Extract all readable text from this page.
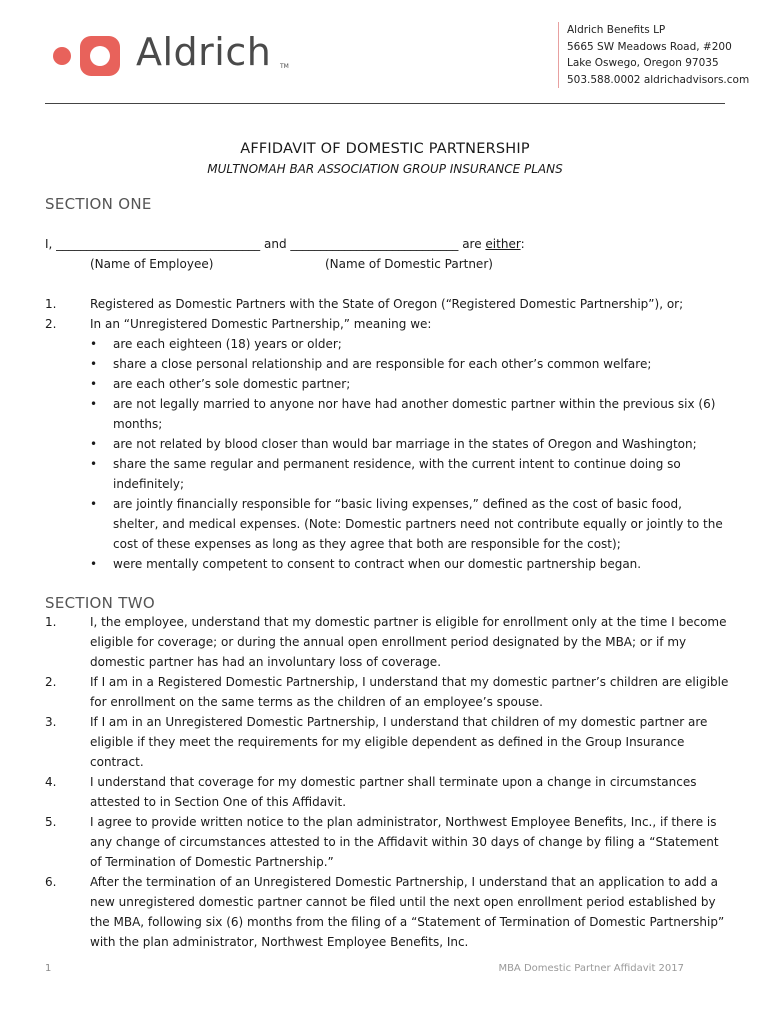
Aldrich TM
Aldrich Benefits LP
5665 SW Meadows Road, #200
Lake Oswego, Oregon 97035
503.588.0002 aldrichadvisors.com
AFFIDAVIT OF DOMESTIC PARTNERSHIP
MULTNOMAH BAR ASSOCIATION GROUP INSURANCE PLANS
SECTION ONE
I, __________________________________ and ____________________________ are either:
(Name of Employee)	(Name of Domestic Partner)
1.	Registered as Domestic Partners with the State of Oregon (“Registered Domestic Partnership”), or;
2.	In an “Unregistered Domestic Partnership,” meaning we:
• are each eighteen (18) years or older;
• share a close personal relationship and are responsible for each other’s common welfare;
• are each other’s sole domestic partner;
• are not legally married to anyone nor have had another domestic partner within the previous six (6) months;
• are not related by blood closer than would bar marriage in the states of Oregon and Washington;
• share the same regular and permanent residence, with the current intent to continue doing so indefinitely;
• are jointly financially responsible for “basic living expenses,” defined as the cost of basic food, shelter, and medical expenses. (Note: Domestic partners need not contribute equally or jointly to the cost of these expenses as long as they agree that both are responsible for the cost);
• were mentally competent to consent to contract when our domestic partnership began.
SECTION TWO
1.	I, the employee, understand that my domestic partner is eligible for enrollment only at the time I become eligible for coverage; or during the annual open enrollment period designated by the MBA; or if my domestic partner has had an involuntary loss of coverage.
2.	If I am in a Registered Domestic Partnership, I understand that my domestic partner’s children are eligible for enrollment on the same terms as the children of an employee’s spouse.
3.	If I am in an Unregistered Domestic Partnership, I understand that children of my domestic partner are eligible if they meet the requirements for my eligible dependent as defined in the Group Insurance contract.
4.	I understand that coverage for my domestic partner shall terminate upon a change in circumstances attested to in Section One of this Affidavit.
5.	I agree to provide written notice to the plan administrator, Northwest Employee Benefits, Inc., if there is any change of circumstances attested to in the Affidavit within 30 days of change by filing a “Statement of Termination of Domestic Partnership.”
6.	After the termination of an Unregistered Domestic Partnership, I understand that an application to add a new unregistered domestic partner cannot be filed until the next open enrollment period established by the MBA, following six (6) months from the filing of a “Statement of Termination of Domestic Partnership” with the plan administrator, Northwest Employee Benefits, Inc.
1	MBA Domestic Partner Affidavit 2017
